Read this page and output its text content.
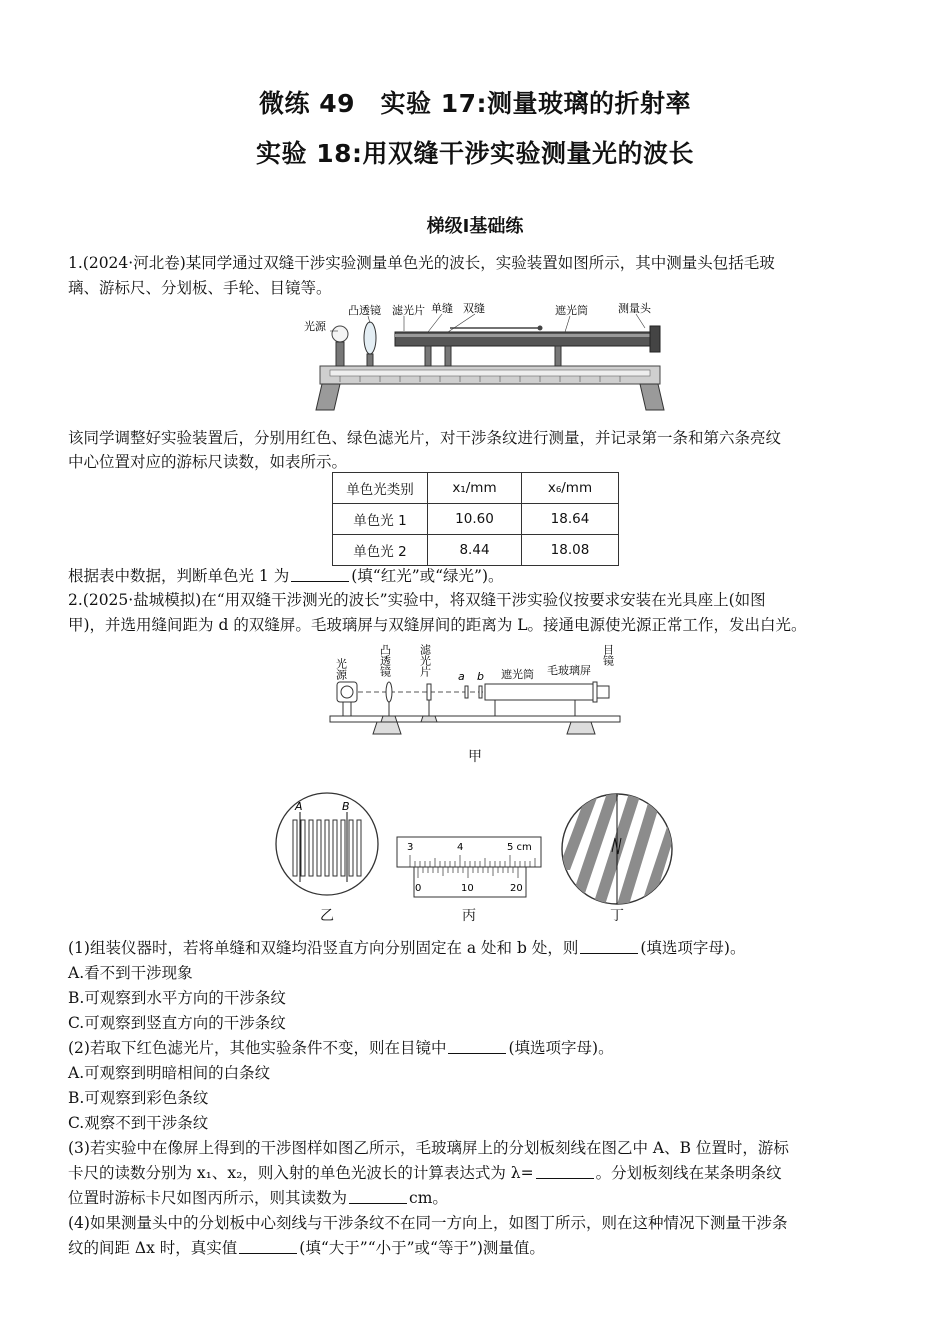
微练 49　实验 17:测量玻璃的折射率
实验 18:用双缝干涉实验测量光的波长
梯级Ⅰ基础练
1.(2024·河北卷)某同学通过双缝干涉实验测量单色光的波长，实验装置如图所示，其中测量头包括毛玻
璃、游标尺、分划板、手轮、目镜等。
光源
凸透镜 滤光片 单缝 双缝	遮光筒	测量头
该同学调整好实验装置后，分别用红色、绿色滤光片，对干涉条纹进行测量，并记录第一条和第六条亮纹
中心位置对应的游标尺读数，如表所示。
单色光类别	x₁/mm	x₆/mm
单色光 1	10.60	18.64
单色光 2	8.44	18.08
根据表中数据，判断单色光 1 为	(填“红光”或“绿光”)。
2.(2025·盐城模拟)在“用双缝干涉测光的波长”实验中，将双缝干涉实验仪按要求安装在光具座上(如图
甲)，并选用缝间距为 d 的双缝屏。毛玻璃屏与双缝屏间的距离为 L。接通电源使光源正常工作，发出白光。
光源	凸透镜 滤光片 a b 遮光筒 毛玻璃屏
目镜
甲
A	B
乙
3	4	5 cm
0	10	20
丙	丁
(1)组装仪器时，若将单缝和双缝均沿竖直方向分别固定在 a 处和 b 处，则	(填选项字母)。
A.看不到干涉现象
B.可观察到水平方向的干涉条纹
C.可观察到竖直方向的干涉条纹
(2)若取下红色滤光片，其他实验条件不变，则在目镜中	(填选项字母)。
A.可观察到明暗相间的白条纹
B.可观察到彩色条纹
C.观察不到干涉条纹
(3)若实验中在像屏上得到的干涉图样如图乙所示，毛玻璃屏上的分划板刻线在图乙中 A、B 位置时，游标
卡尺的读数分别为 x₁、x₂，则入射的单色光波长的计算表达式为 λ=	。分划板刻线在某条明条纹
位置时游标卡尺如图丙所示，则其读数为	cm。
(4)如果测量头中的分划板中心刻线与干涉条纹不在同一方向上，如图丁所示，则在这种情况下测量干涉条
纹的间距 Δx 时，真实值	(填“大于”“小于”或“等于”)测量值。
